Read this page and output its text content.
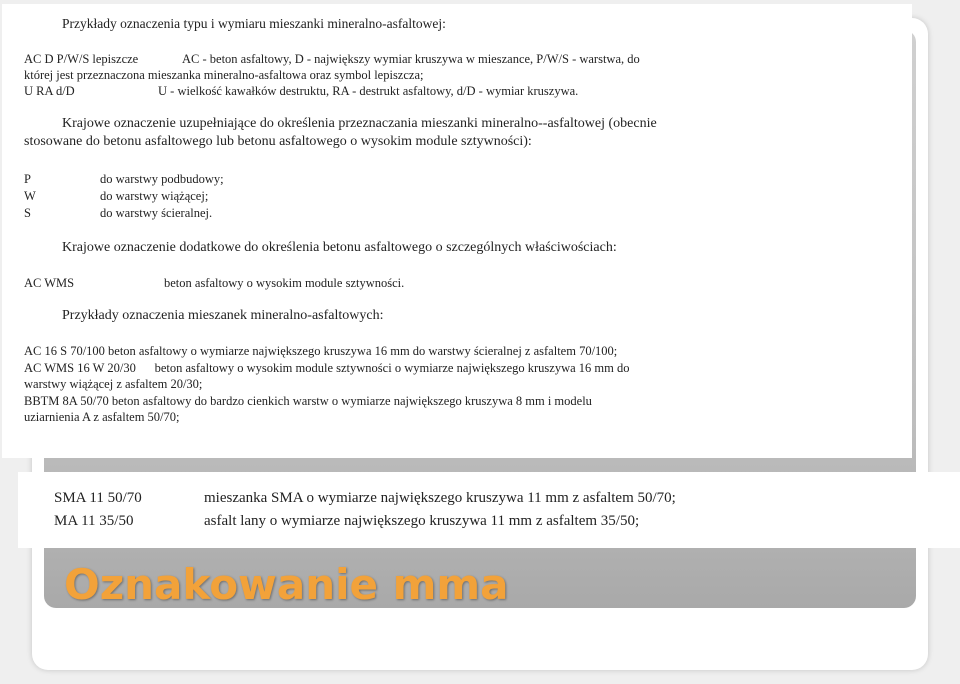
Przykłady oznaczenia typu i wymiaru mieszanki mineralno-asfaltowej:
AC D P/W/S lepiszcze	AC - beton asfaltowy, D - największy wymiar kruszywa w mieszance, P/W/S - warstwa, do
której jest przeznaczona mieszanka mineralno-asfaltowa oraz symbol lepiszcza;
U RA d/D	U - wielkość kawałków destruktu, RA - destrukt asfaltowy, d/D - wymiar kruszywa.
Krajowe oznaczenie uzupełniające do określenia przeznaczania mieszanki mineralno--asfaltowej (obecnie
stosowane do betonu asfaltowego lub betonu asfaltowego o wysokim module sztywności):
P	do warstwy podbudowy;
W	do warstwy wiążącej;
S	do warstwy ścieralnej.
Krajowe oznaczenie dodatkowe do określenia betonu asfaltowego o szczególnych właściwościach:
AC WMS	beton asfaltowy o wysokim module sztywności.
Przykłady oznaczenia mieszanek mineralno-asfaltowych:
AC 16 S 70/100 beton asfaltowy o wymiarze największego kruszywa 16 mm do warstwy ścieralnej z asfaltem 70/100;
AC WMS 16 W 20/30      beton asfaltowy o wysokim module sztywności o wymiarze największego kruszywa 16 mm do
warstwy wiążącej z asfaltem 20/30;
BBTM 8A 50/70 beton asfaltowy do bardzo cienkich warstw o wymiarze największego kruszywa 8 mm i modelu
uziarnienia A z asfaltem 50/70;
SMA 11 50/70	mieszanka SMA o wymiarze największego kruszywa 11 mm z asfaltem 50/70;
MA 11 35/50	asfalt lany o wymiarze największego kruszywa 11 mm z asfaltem 35/50;
Oznakowanie mma
